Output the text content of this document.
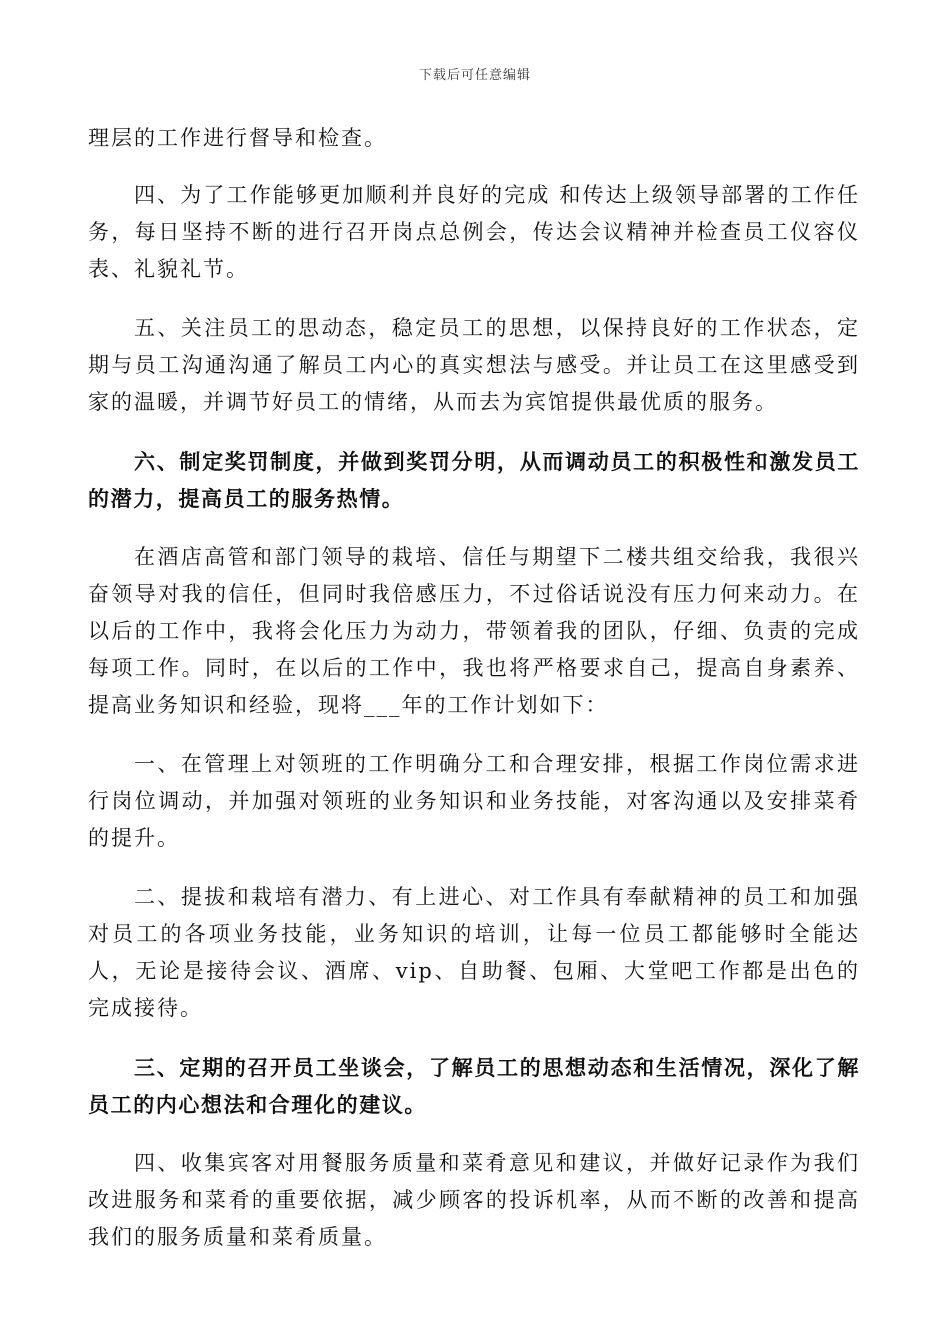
下载后可任意编辑

理层的工作进行督导和检查。

四、为了工作能够更加顺利并良好的完成 和传达上级领导部署的工作任务，每日坚持不断的进行召开岗点总例会，传达会议精神并检查员工仪容仪表、礼貌礼节。

五、关注员工的思动态，稳定员工的思想，以保持良好的工作状态，定期与员工沟通沟通了解员工内心的真实想法与感受。并让员工在这里感受到家的温暖，并调节好员工的情绪，从而去为宾馆提供最优质的服务。

六、制定奖罚制度，并做到奖罚分明，从而调动员工的积极性和激发员工的潜力，提高员工的服务热情。

在酒店高管和部门领导的栽培、信任与期望下二楼共组交给我，我很兴奋领导对我的信任，但同时我倍感压力，不过俗话说没有压力何来动力。在以后的工作中，我将会化压力为动力，带领着我的团队，仔细、负责的完成每项工作。同时，在以后的工作中，我也将严格要求自己，提高自身素养、提高业务知识和经验，现将___年的工作计划如下：

一、在管理上对领班的工作明确分工和合理安排，根据工作岗位需求进行岗位调动，并加强对领班的业务知识和业务技能，对客沟通以及安排菜肴的提升。

二、提拔和栽培有潜力、有上进心、对工作具有奉献精神的员工和加强对员工的各项业务技能，业务知识的培训，让每一位员工都能够时全能达人，无论是接待会议、酒席、vip、自助餐、包厢、大堂吧工作都是出色的完成接待。

三、定期的召开员工坐谈会，了解员工的思想动态和生活情况，深化了解员工的内心想法和合理化的建议。

四、收集宾客对用餐服务质量和菜肴意见和建议，并做好记录作为我们改进服务和菜肴的重要依据，减少顾客的投诉机率，从而不断的改善和提高我们的服务质量和菜肴质量。
